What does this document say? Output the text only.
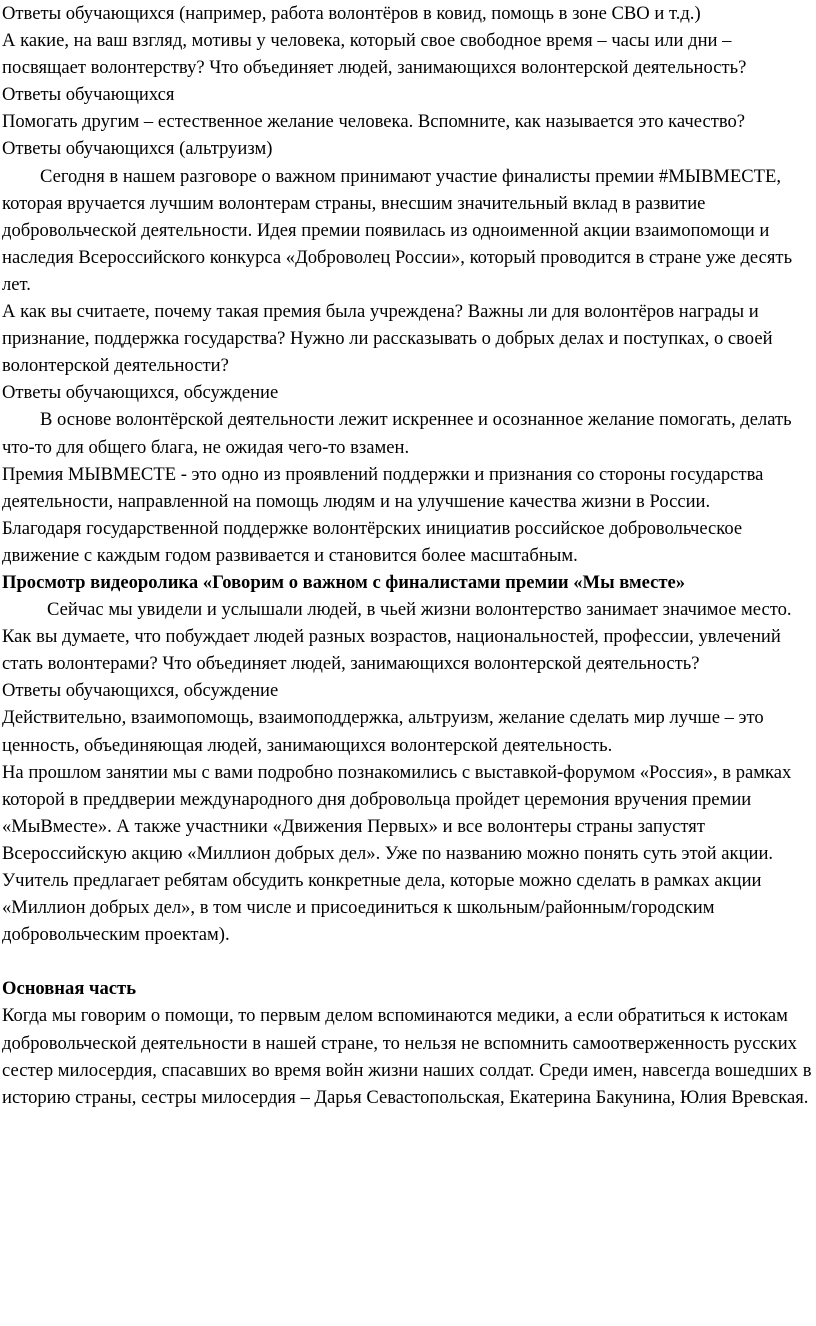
Ответы обучающихся (например, работа волонтёров в ковид, помощь в зоне СВО и т.д.)

А какие, на ваш взгляд, мотивы у человека, который свое свободное время – часы или дни – посвящает волонтерству? Что объединяет людей, занимающихся волонтерской деятельность?

Ответы обучающихся

Помогать другим – естественное желание человека. Вспомните, как называется это качество?

Ответы обучающихся (альтруизм)

Сегодня в нашем разговоре о важном принимают участие финалисты премии #МЫВМЕСТЕ, которая вручается лучшим волонтерам страны, внесшим значительный вклад в развитие добровольческой деятельности. Идея премии появилась из одноименной акции взаимопомощи и наследия Всероссийского конкурса «Доброволец России», который проводится в стране уже десять лет.

А как вы считаете, почему такая премия была учреждена? Важны ли для волонтёров награды и признание, поддержка государства? Нужно ли рассказывать о добрых делах и поступках, о своей волонтерской деятельности?

Ответы обучающихся, обсуждение

В основе волонтёрской деятельности лежит искреннее и осознанное желание помогать, делать что-то для общего блага, не ожидая чего-то взамен.

Премия МЫВМЕСТЕ - это одно из проявлений поддержки и признания со стороны государства деятельности, направленной на помощь людям и на улучшение качества жизни в России.

Благодаря государственной поддержке волонтёрских инициатив российское добровольческое движение с каждым годом развивается и становится более масштабным.

Просмотр видеоролика «Говорим о важном с финалистами премии «Мы вместе»

Сейчас мы увидели и услышали людей, в чьей жизни волонтерство занимает значимое место.

Как вы думаете, что побуждает людей разных возрастов, национальностей, профессии, увлечений стать волонтерами? Что объединяет людей, занимающихся волонтерской деятельность?

Ответы обучающихся, обсуждение

Действительно, взаимопомощь, взаимоподдержка, альтруизм, желание сделать мир лучше – это ценность, объединяющая людей, занимающихся волонтерской деятельность.

На прошлом занятии мы с вами подробно познакомились с выставкой-форумом «Россия», в рамках которой в преддверии международного дня добровольца пройдет церемония вручения премии «МыВместе». А также участники «Движения Первых» и все волонтеры страны запустят Всероссийскую акцию «Миллион добрых дел». Уже по названию можно понять суть этой акции.

Учитель предлагает ребятам обсудить конкретные дела, которые можно сделать в рамках акции «Миллион добрых дел», в том числе и присоединиться к школьным/районным/городским добровольческим проектам).

Основная часть

Когда мы говорим о помощи, то первым делом вспоминаются медики, а если обратиться к истокам добровольческой деятельности в нашей стране, то нельзя не вспомнить самоотверженность русских сестер милосердия, спасавших во время войн жизни наших солдат. Среди имен, навсегда вошедших в историю страны, сестры милосердия – Дарья Севастопольская, Екатерина Бакунина, Юлия Вревская.
